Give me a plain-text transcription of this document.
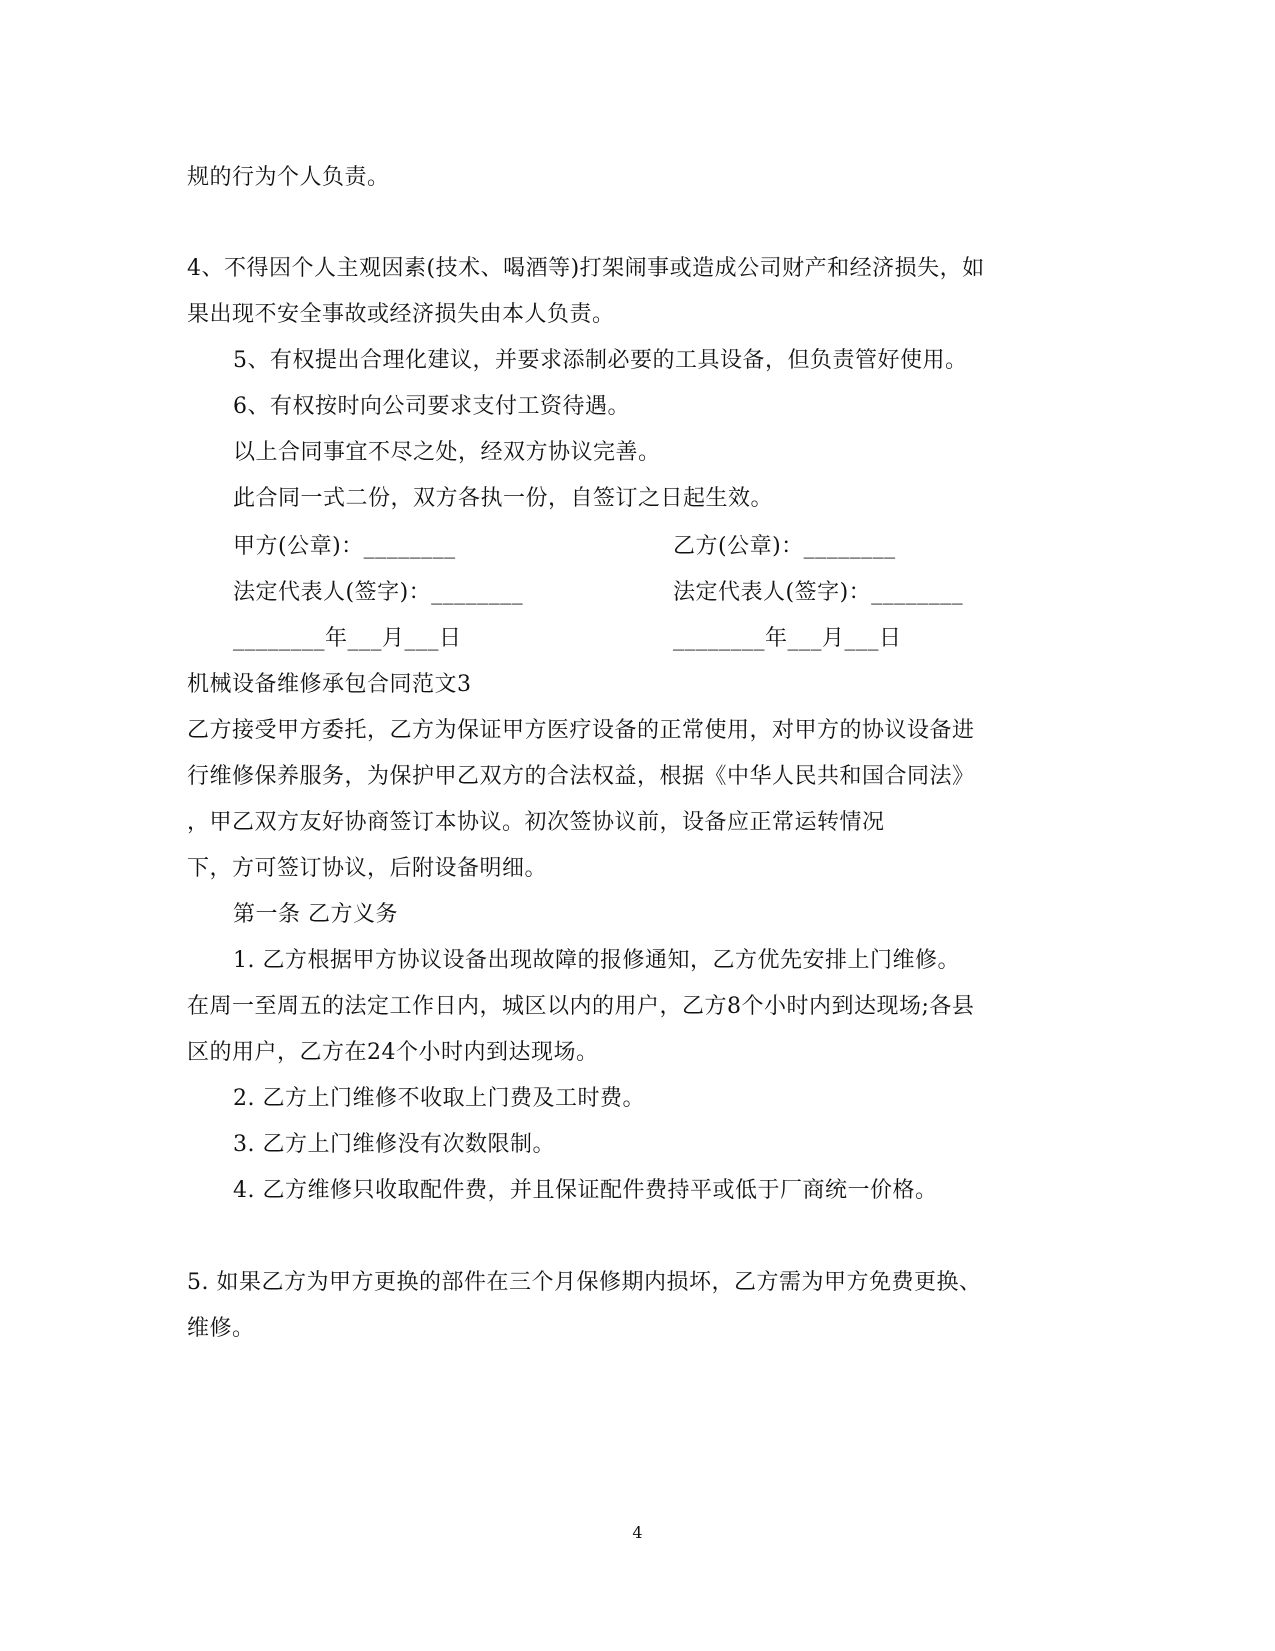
规的行为个人负责。
4、不得因个人主观因素(技术、喝酒等)打架闹事或造成公司财产和经济损失，如
果出现不安全事故或经济损失由本人负责。
5、有权提出合理化建议，并要求添制必要的工具设备，但负责管好使用。
6、有权按时向公司要求支付工资待遇。
以上合同事宜不尽之处，经双方协议完善。
此合同一式二份，双方各执一份，自签订之日起生效。
甲方(公章)：________	乙方(公章)：________
法定代表人(签字)：________	法定代表人(签字)：________
________年___月___日	________年___月___日
机械设备维修承包合同范文3
乙方接受甲方委托，乙方为保证甲方医疗设备的正常使用，对甲方的协议设备进
行维修保养服务，为保护甲乙双方的合法权益，根据《中华人民共和国合同法》
，甲乙双方友好协商签订本协议。初次签协议前，设备应正常运转情况
下，方可签订协议，后附设备明细。
第一条 乙方义务
1. 乙方根据甲方协议设备出现故障的报修通知，乙方优先安排上门维修。
在周一至周五的法定工作日内，城区以内的用户，乙方8个小时内到达现场;各县
区的用户，乙方在24个小时内到达现场。
2. 乙方上门维修不收取上门费及工时费。
3. 乙方上门维修没有次数限制。
4. 乙方维修只收取配件费，并且保证配件费持平或低于厂商统一价格。
5. 如果乙方为甲方更换的部件在三个月保修期内损坏，乙方需为甲方免费更换、
维修。
4
